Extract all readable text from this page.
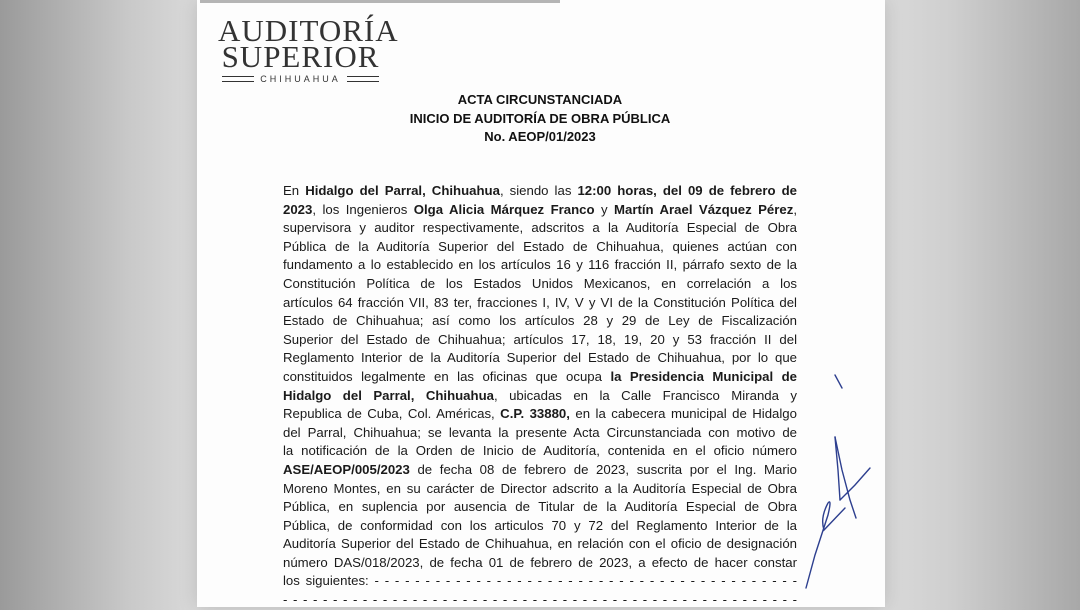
AUDITORÍA
SUPERIOR
CHIHUAHUA
ACTA CIRCUNSTANCIADA
INICIO DE AUDITORÍA DE OBRA PÚBLICA
No. AEOP/01/2023
En Hidalgo del Parral, Chihuahua, siendo las 12:00 horas, del 09 de febrero de
2023, los Ingenieros Olga Alicia Márquez Franco y Martín Arael Vázquez Pérez,
supervisora y auditor respectivamente, adscritos a la Auditoría Especial de Obra
Pública de la Auditoría Superior del Estado de Chihuahua, quienes actúan con
fundamento a lo establecido en los artículos 16 y 116 fracción II, párrafo sexto de la
Constitución Política de los Estados Unidos Mexicanos, en correlación a los
artículos 64 fracción VII, 83 ter, fracciones I, IV, V y VI de la Constitución Política del
Estado de Chihuahua; así como los artículos 28 y 29 de Ley de Fiscalización
Superior del Estado de Chihuahua; artículos 17, 18, 19, 20 y 53 fracción II del
Reglamento Interior de la Auditoría Superior del Estado de Chihuahua, por lo que
constituidos legalmente en las oficinas que ocupa la Presidencia Municipal de
Hidalgo del Parral, Chihuahua, ubicadas en la Calle Francisco Miranda y
Republica de Cuba, Col. Américas, C.P. 33880, en la cabecera municipal de Hidalgo
del Parral, Chihuahua; se levanta la presente Acta Circunstanciada con motivo de
la notificación de la Orden de Inicio de Auditoría, contenida en el oficio número
ASE/AEOP/005/2023 de fecha 08 de febrero de 2023, suscrita por el Ing. Mario
Moreno Montes, en su carácter de Director adscrito a la Auditoría Especial de Obra
Pública, en suplencia por ausencia de Titular de la Auditoría Especial de Obra
Pública, de conformidad con los articulos 70 y 72 del Reglamento Interior de la
Auditoría Superior del Estado de Chihuahua, en relación con el oficio de designación
número DAS/018/2023, de fecha 01 de febrero de 2023, a efecto de hacer constar
los siguientes: - - - - - - - - - - - - - - - - - - - - - - - - - - - - - - - - - - - - - - - - - -
- - - - - - - - - - - - - - - - - - - - - - - - - - - - - - - - - - - - - - - - - - - - - - - - - - - -
